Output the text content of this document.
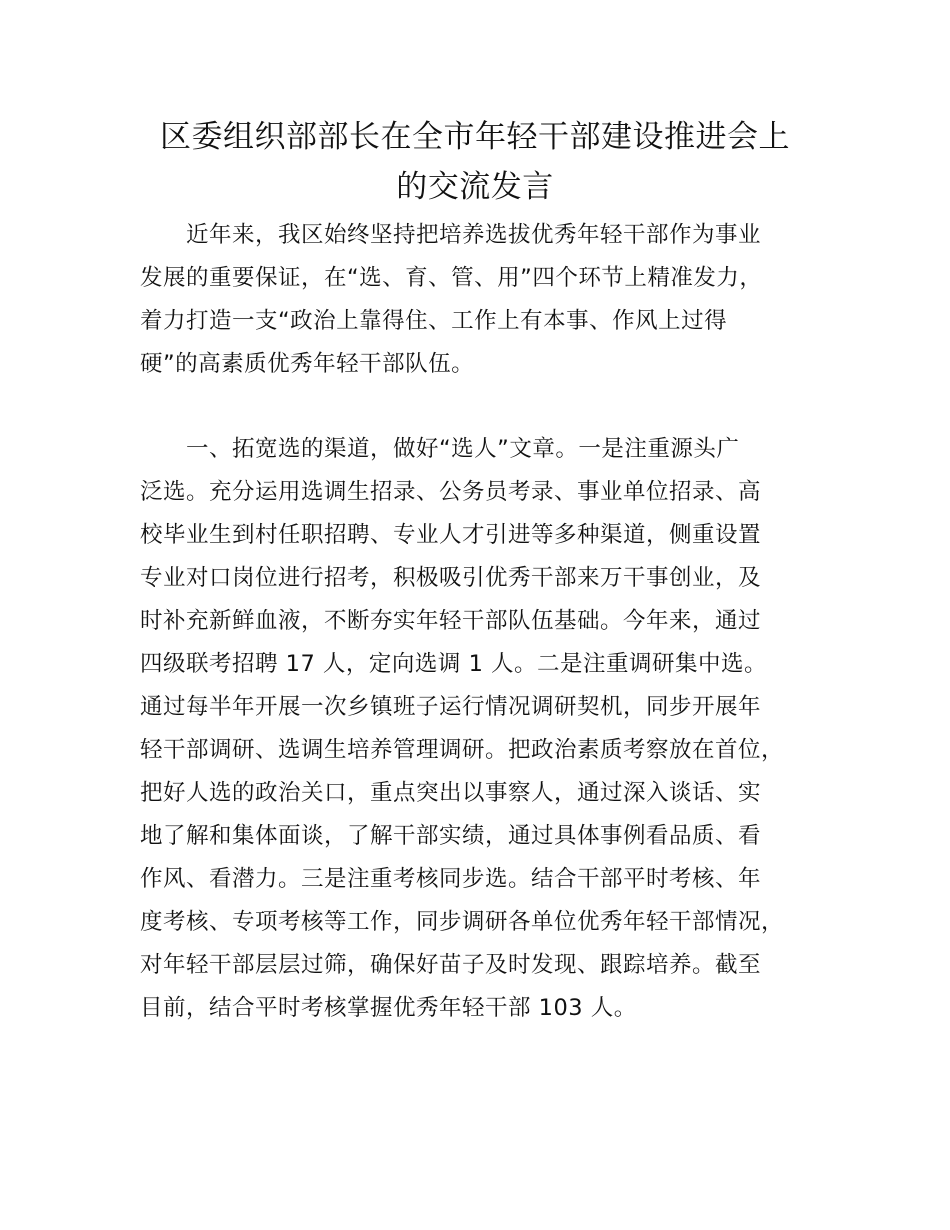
区委组织部部长在全市年轻干部建设推进会上
的交流发言
　　近年来，我区始终坚持把培养选拔优秀年轻干部作为事业
发展的重要保证，在“选、育、管、用”四个环节上精准发力，
着力打造一支“政治上靠得住、工作上有本事、作风上过得
硬”的高素质优秀年轻干部队伍。
　　一、拓宽选的渠道，做好“选人”文章。一是注重源头广
泛选。充分运用选调生招录、公务员考录、事业单位招录、高
校毕业生到村任职招聘、专业人才引进等多种渠道，侧重设置
专业对口岗位进行招考，积极吸引优秀干部来万干事创业，及
时补充新鲜血液，不断夯实年轻干部队伍基础。今年来，通过
四级联考招聘 17 人，定向选调 1 人。二是注重调研集中选。
通过每半年开展一次乡镇班子运行情况调研契机，同步开展年
轻干部调研、选调生培养管理调研。把政治素质考察放在首位，
把好人选的政治关口，重点突出以事察人，通过深入谈话、实
地了解和集体面谈，了解干部实绩，通过具体事例看品质、看
作风、看潜力。三是注重考核同步选。结合干部平时考核、年
度考核、专项考核等工作，同步调研各单位优秀年轻干部情况，
对年轻干部层层过筛，确保好苗子及时发现、跟踪培养。截至
目前，结合平时考核掌握优秀年轻干部 103 人。
